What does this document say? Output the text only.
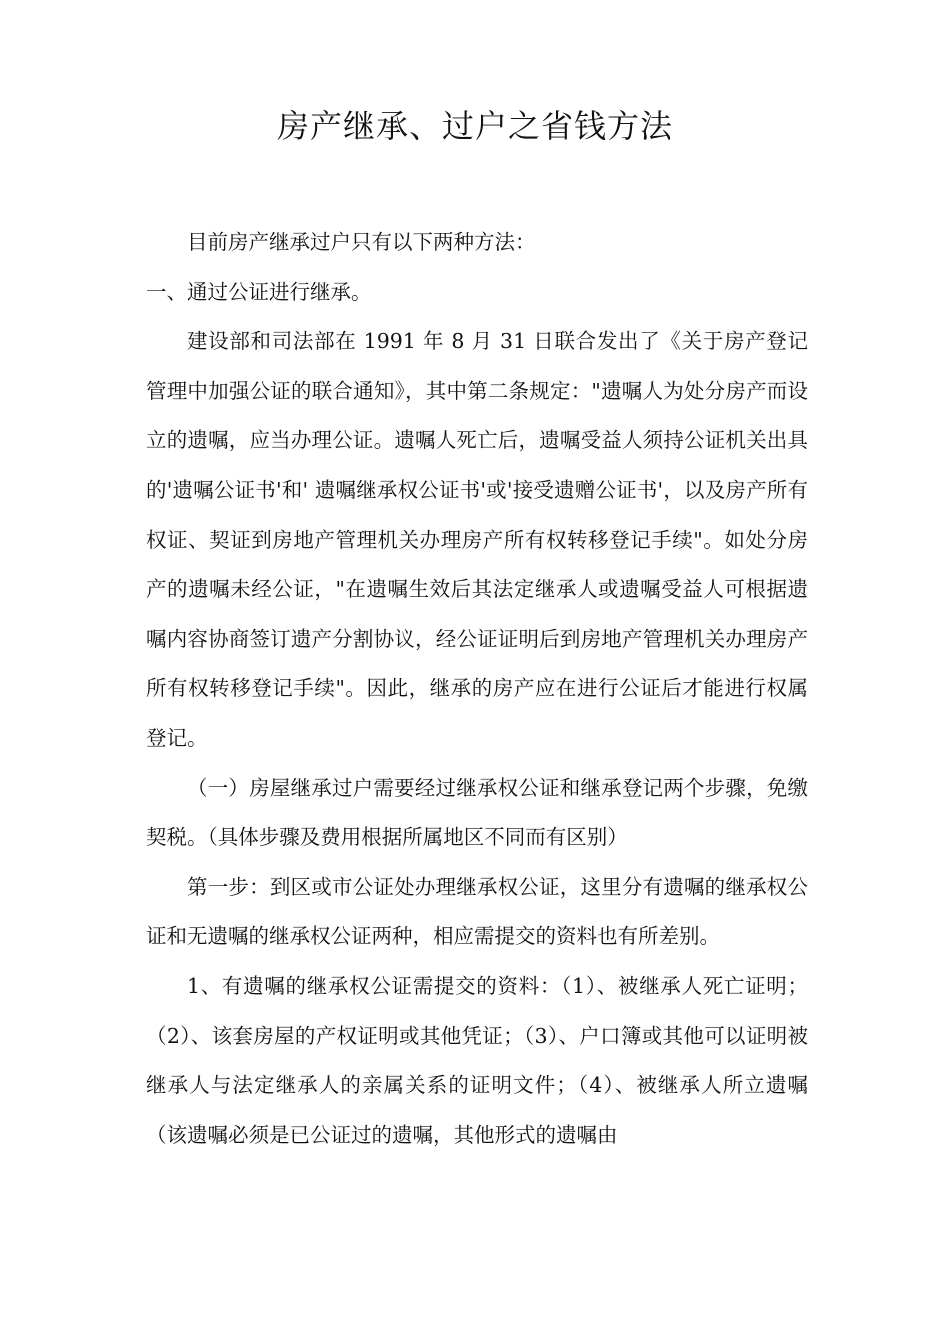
房产继承、过户之省钱方法

目前房产继承过户只有以下两种方法：

一、通过公证进行继承。

建设部和司法部在 1991 年 8 月 31 日联合发出了《关于房产登记管理中加强公证的联合通知》，其中第二条规定："遗嘱人为处分房产而设立的遗嘱，应当办理公证。遗嘱人死亡后，遗嘱受益人须持公证机关出具的'遗嘱公证书'和' 遗嘱继承权公证书'或'接受遗赠公证书'，以及房产所有权证、契证到房地产管理机关办理房产所有权转移登记手续"。如处分房产的遗嘱未经公证，"在遗嘱生效后其法定继承人或遗嘱受益人可根据遗嘱内容协商签订遗产分割协议，经公证证明后到房地产管理机关办理房产所有权转移登记手续"。因此，继承的房产应在进行公证后才能进行权属登记。

（一）房屋继承过户需要经过继承权公证和继承登记两个步骤，免缴契税。（具体步骤及费用根据所属地区不同而有区别）

第一步：到区或市公证处办理继承权公证，这里分有遗嘱的继承权公证和无遗嘱的继承权公证两种，相应需提交的资料也有所差别。

1、有遗嘱的继承权公证需提交的资料：（1）、被继承人死亡证明；（2）、该套房屋的产权证明或其他凭证；（3）、户口簿或其他可以证明被继承人与法定继承人的亲属关系的证明文件；（4）、被继承人所立遗嘱（该遗嘱必须是已公证过的遗嘱，其他形式的遗嘱由
